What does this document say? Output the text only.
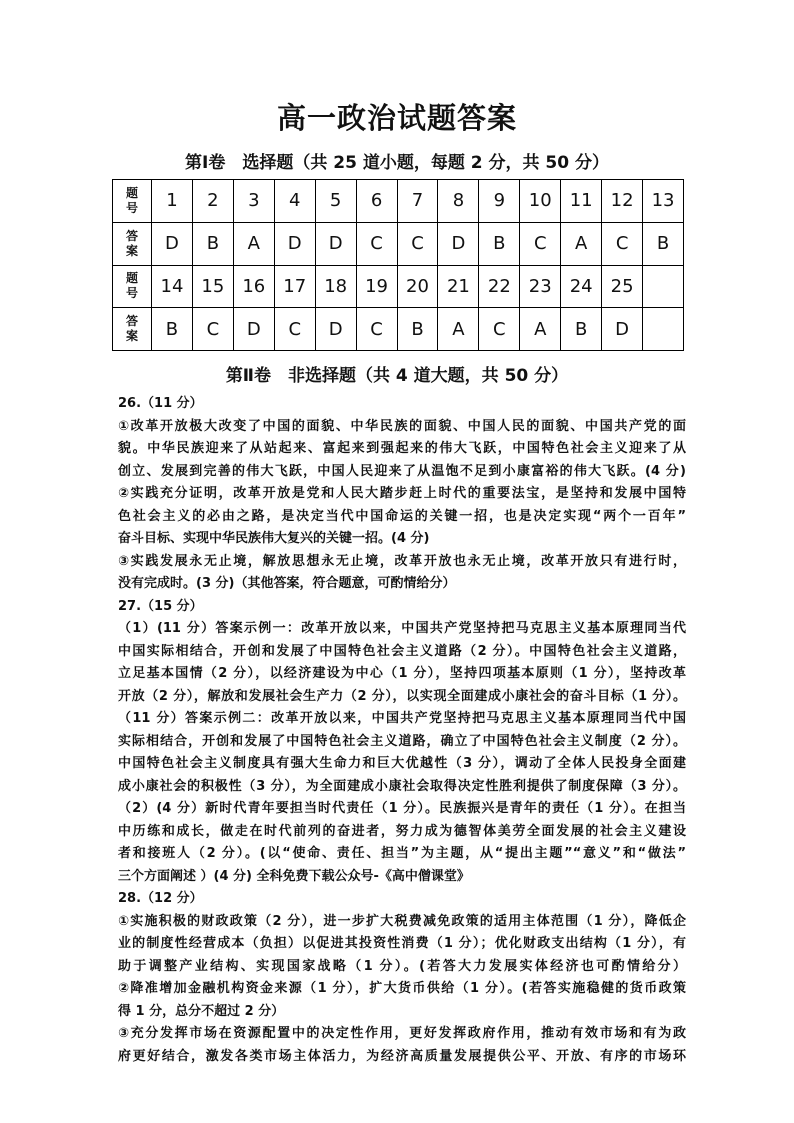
高一政治试题答案
第Ⅰ卷　选择题（共 25 道小题，每题 2 分，共 50 分）
题号	1	2	3	4	5	6	7	8	9	10	11	12	13

答案	D	B	A	D	D	C	C	D	B	C	A	C	B

题号	14	15	16	17	18	19	20	21	22	23	24	25	

答案	B	C	D	C	D	C	B	A	C	A	B	D	
第Ⅱ卷　非选择题（共 4 道大题，共 50 分）

26.（11 分）

①改革开放极大改变了中国的面貌、中华民族的面貌、中国人民的面貌、中国共产党的面

貌。中华民族迎来了从站起来、富起来到强起来的伟大飞跃，中国特色社会主义迎来了从

创立、发展到完善的伟大飞跃，中国人民迎来了从温饱不足到小康富裕的伟大飞跃。(4 分)

②实践充分证明，改革开放是党和人民大踏步赶上时代的重要法宝，是坚持和发展中国特

色社会主义的必由之路，是决定当代中国命运的关键一招，也是决定实现“两个一百年”

奋斗目标、实现中华民族伟大复兴的关键一招。(4 分)

③实践发展永无止境，解放思想永无止境，改革开放也永无止境，改革开放只有进行时，

没有完成时。(3 分)（其他答案，符合题意，可酌情给分）

27.（15 分）

（1）(11 分）答案示例一：改革开放以来，中国共产党坚持把马克思主义基本原理同当代

中国实际相结合，开创和发展了中国特色社会主义道路（2 分）。中国特色社会主义道路，

立足基本国情（2 分），以经济建设为中心（1 分），坚持四项基本原则（1 分），坚持改革

开放（2 分），解放和发展社会生产力（2 分），以实现全面建成小康社会的奋斗目标（1 分）。

（11 分）答案示例二：改革开放以来，中国共产党坚持把马克思主义基本原理同当代中国

实际相结合，开创和发展了中国特色社会主义道路，确立了中国特色社会主义制度（2 分）。

中国特色社会主义制度具有强大生命力和巨大优越性（3 分），调动了全体人民投身全面建

成小康社会的积极性（3 分），为全面建成小康社会取得决定性胜利提供了制度保障（3 分）。

（2）(4 分）新时代青年要担当时代责任（1 分）。民族振兴是青年的责任（1 分）。在担当

中历练和成长，做走在时代前列的奋进者，努力成为德智体美劳全面发展的社会主义建设

者和接班人（2 分）。(以“使命、责任、担当”为主题，从“提出主题”“意义”和“做法”

三个方面阐述 ）(4 分) 全科免费下载公众号-《高中僧课堂》

28.（12 分）

①实施积极的财政政策（2 分），进一步扩大税费减免政策的适用主体范围（1 分），降低企

业的制度性经营成本（负担）以促进其投资性消费（1 分）；优化财政支出结构（1 分），有

助于调整产业结构、实现国家战略（1 分）。(若答大力发展实体经济也可酌情给分）

②降准增加金融机构资金来源（1 分），扩大货币供给（1 分）。(若答实施稳健的货币政策

得 1 分，总分不超过 2 分）

③充分发挥市场在资源配置中的决定性作用，更好发挥政府作用，推动有效市场和有为政

府更好结合，激发各类市场主体活力，为经济高质量发展提供公平、开放、有序的市场环
